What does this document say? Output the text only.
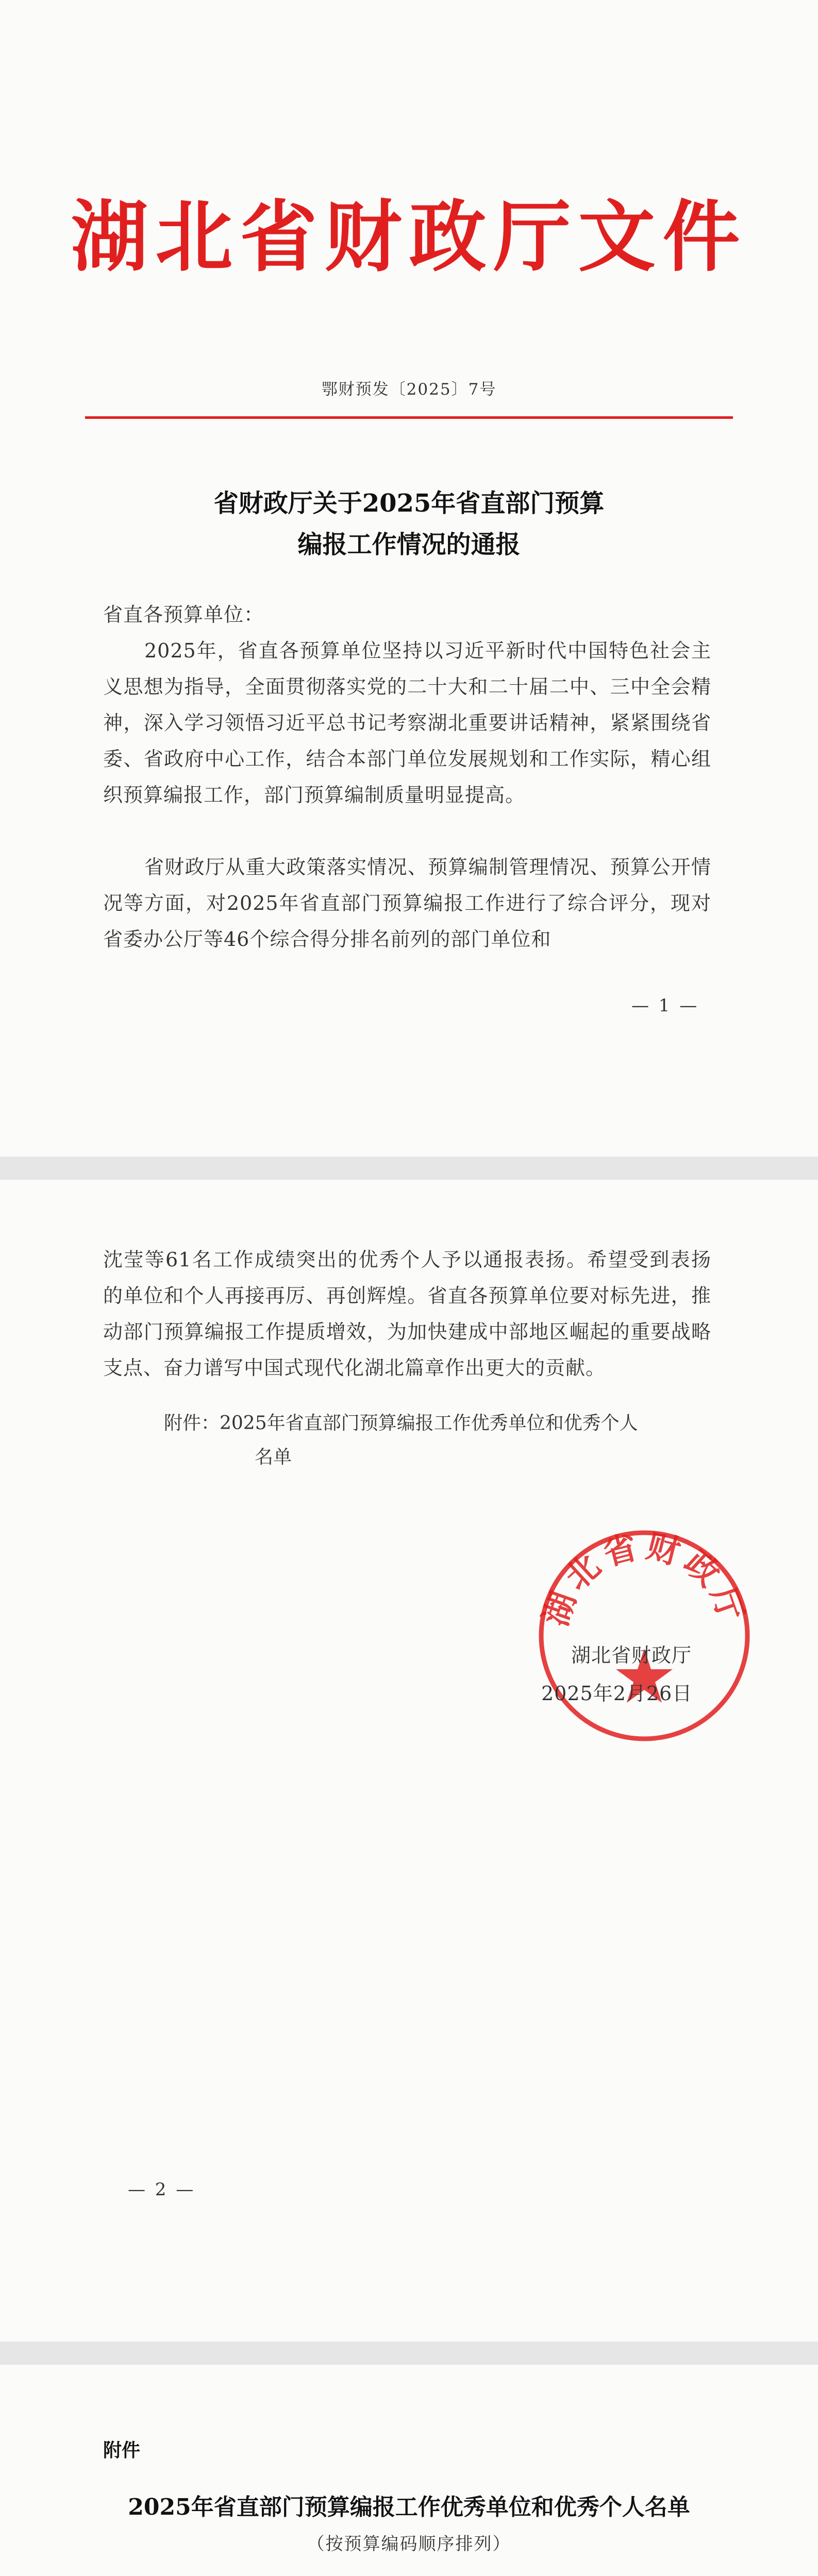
湖北省财政厅文件
鄂财预发〔2025〕7号
省财政厅关于2025年省直部门预算
编报工作情况的通报

省直各预算单位：

2025年，省直各预算单位坚持以习近平新时代中国特色社会主义思想为指导，全面贯彻落实党的二十大和二十届二中、三中全会精神，深入学习领悟习近平总书记考察湖北重要讲话精神，紧紧围绕省委、省政府中心工作，结合本部门单位发展规划和工作实际，精心组织预算编报工作，部门预算编制质量明显提高。

省财政厅从重大政策落实情况、预算编制管理情况、预算公开情况等方面，对2025年省直部门预算编报工作进行了综合评分，现对省委办公厅等46个综合得分排名前列的部门单位和

— 1 —

沈莹等61名工作成绩突出的优秀个人予以通报表扬。希望受到表扬的单位和个人再接再厉、再创辉煌。省直各预算单位要对标先进，推动部门预算编报工作提质增效，为加快建成中部地区崛起的重要战略支点、奋力谱写中国式现代化湖北篇章作出更大的贡献。

附件：2025年省直部门预算编报工作优秀单位和优秀个人
名单
湖北省财政厅
湖北省财政厅
2025年2月26日
— 2 —
附件
2025年省直部门预算编报工作优秀单位和优秀个人名单
（按预算编码顺序排列）
